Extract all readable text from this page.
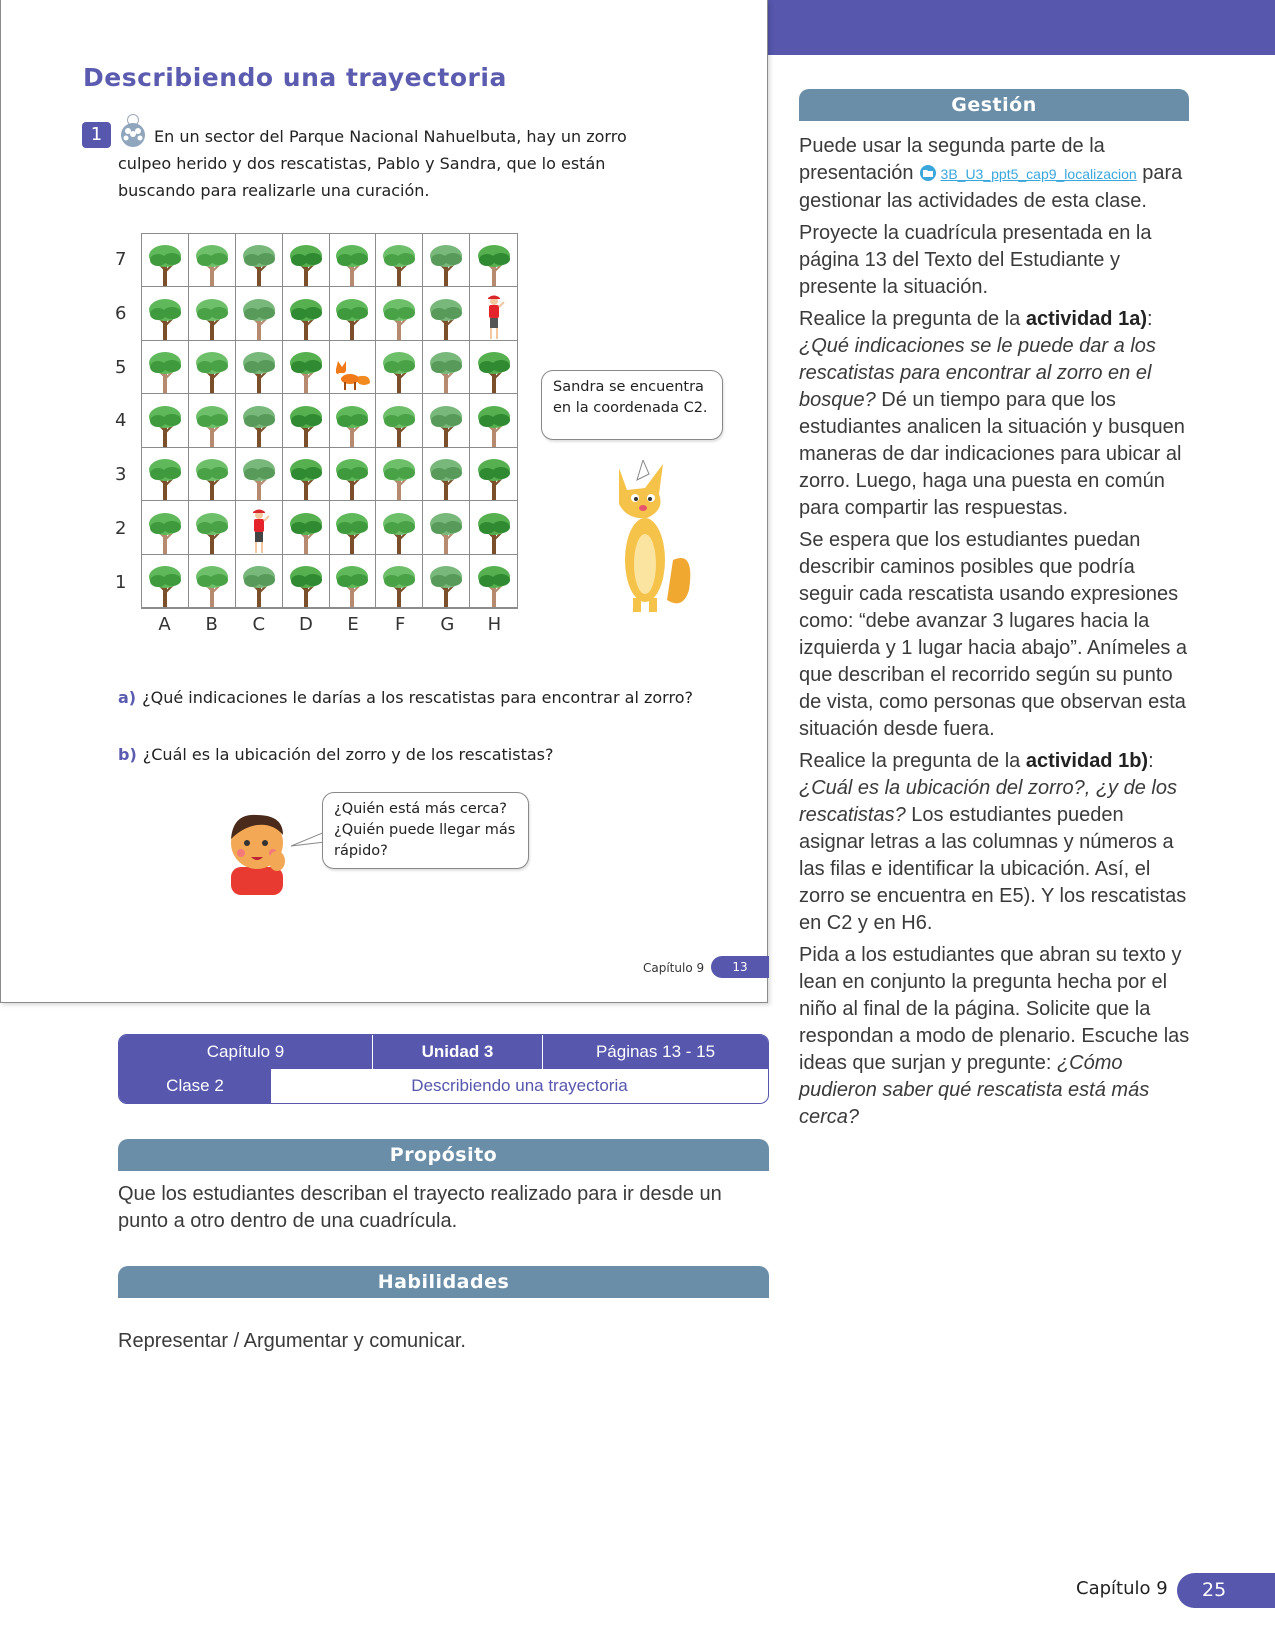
Describiendo una trayectoria
1	En un sector del Parque Nacional Nahuelbuta, hay un zorro culpeo herido y dos rescatistas, Pablo y Sandra, que lo están buscando para realizarle una curación.

7
6
5
4
3
2
1
A	B	C	D	E	F	G	H
Sandra se encuentra en la coordenada C2.
a) ¿Qué indicaciones le darías a los rescatistas para encontrar al zorro?
b) ¿Cuál es la ubicación del zorro y de los rescatistas?
¿Quién está más cerca? ¿Quién puede llegar más rápido?
Capítulo 9	13
Capítulo 9	Unidad 3	Páginas 13 - 15
Clase 2	Describiendo una trayectoria
Propósito

Que los estudiantes describan el trayecto realizado para ir desde un punto a otro dentro de una cuadrícula.

Habilidades

Representar / Argumentar y comunicar.

Gestión

Puede usar la segunda parte de la presentación 3B_U3_ppt5_cap9_localizacion para gestionar las actividades de esta clase.

Proyecte la cuadrícula presentada en la página 13 del Texto del Estudiante y presente la situación.

Realice la pregunta de la actividad 1a): ¿Qué indicaciones se le puede dar a los rescatistas para encontrar al zorro en el bosque? Dé un tiempo para que los estudiantes analicen la situación y busquen maneras de dar indicaciones para ubicar al zorro. Luego, haga una puesta en común para compartir las respuestas.

Se espera que los estudiantes puedan describir caminos posibles que podría seguir cada rescatista usando expresiones como: “debe avanzar 3 lugares hacia la izquierda y 1 lugar hacia abajo”. Anímeles a que describan el recorrido según su punto de vista, como personas que observan esta situación desde fuera.

Realice la pregunta de la actividad 1b): ¿Cuál es la ubicación del zorro?, ¿y de los rescatistas? Los estudiantes pueden asignar letras a las columnas y números a las filas e identificar la ubicación. Así, el zorro se encuentra en E5). Y los rescatistas en C2 y en H6.

Pida a los estudiantes que abran su texto y lean en conjunto la pregunta hecha por el niño al final de la página. Solicite que la respondan a modo de plenario. Escuche las ideas que surjan y pregunte: ¿Cómo pudieron saber qué rescatista está más cerca?

Capítulo 9	25
